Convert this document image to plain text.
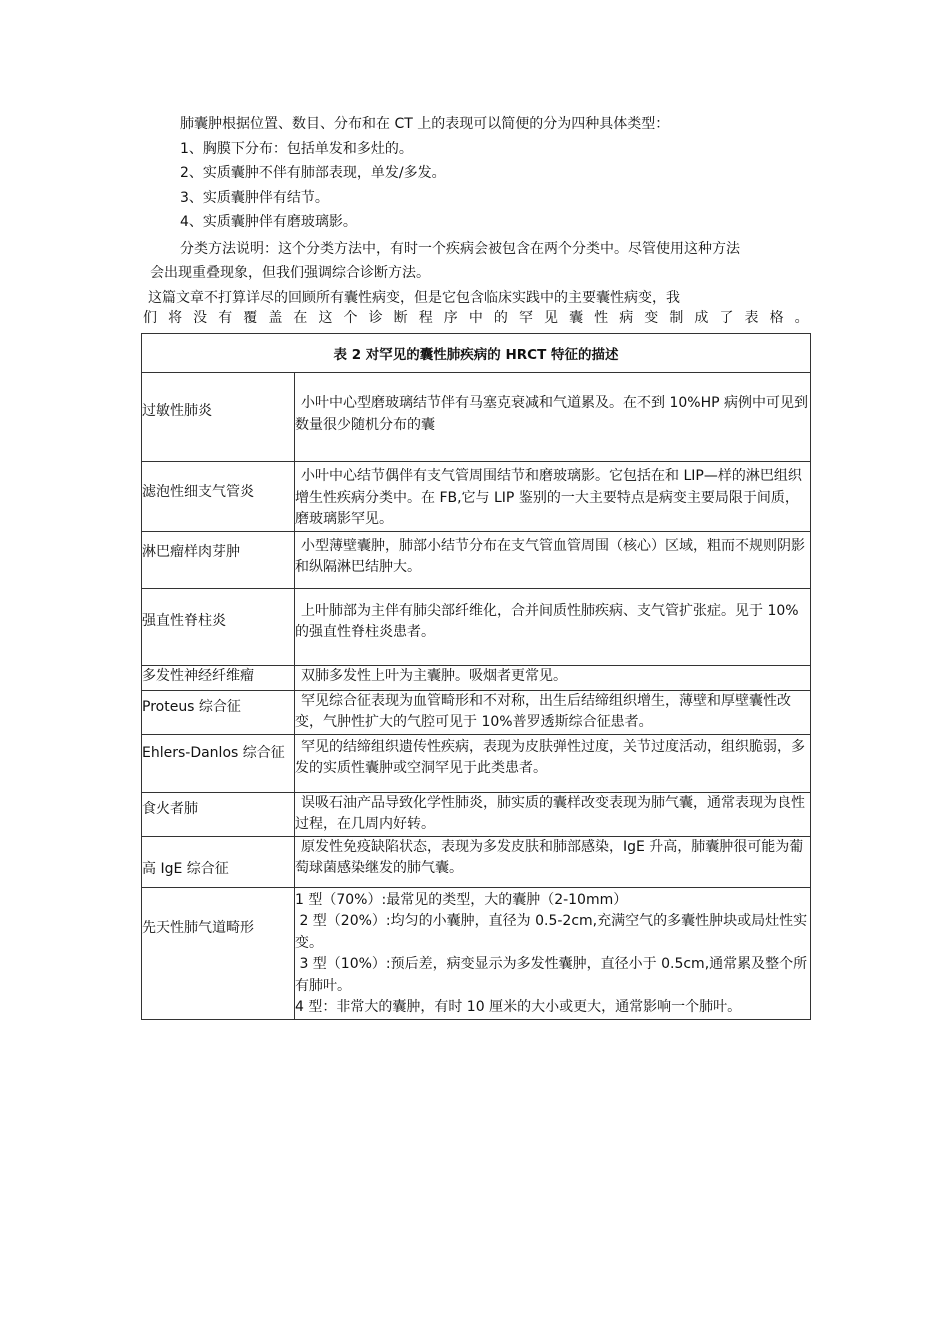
肺囊肿根据位置、数目、分布和在 CT 上的表现可以简便的分为四种具体类型：

1、胸膜下分布：包括单发和多灶的。

2、实质囊肿不伴有肺部表现，单发/多发。

3、实质囊肿伴有结节。

4、实质囊肿伴有磨玻璃影。

分类方法说明：这个分类方法中，有时一个疾病会被包含在两个分类中。尽管使用这种方法

会出现重叠现象，但我们强调综合诊断方法。

这篇文章不打算详尽的回顾所有囊性病变，但是它包含临床实践中的主要囊性病变，我

们 将 没 有 覆 盖 在 这 个 诊 断 程 序 中 的 罕 见 囊 性 病 变 制 成 了 表 格 。
表 2 对罕见的囊性肺疾病的 HRCT 特征的描述	
过敏性肺炎	小叶中心型磨玻璃结节伴有马塞克衰减和气道累及。在不到 10%HP 病例中可见到数量很少随机分布的囊

滤泡性细支气管炎	小叶中心结节偶伴有支气管周围结节和磨玻璃影。它包括在和 LIP—样的淋巴组织增生性疾病分类中。在 FB,它与 LIP 鉴别的一大主要特点是病变主要局限于间质，磨玻璃影罕见。

淋巴瘤样肉芽肿	小型薄壁囊肿，肺部小结节分布在支气管血管周围（核心）区域，粗而不规则阴影和纵隔淋巴结肿大。

强直性脊柱炎	上叶肺部为主伴有肺尖部纤维化，合并间质性肺疾病、支气管扩张症。见于 10%的强直性脊柱炎患者。

多发性神经纤维瘤	双肺多发性上叶为主囊肿。吸烟者更常见。

Proteus 综合征	罕见综合征表现为血管畸形和不对称，出生后结缔组织增生，薄壁和厚壁囊性改变，气肿性扩大的气腔可见于 10%普罗透斯综合征患者。

Ehlers-Danlos 综合征	罕见的结缔组织遗传性疾病，表现为皮肤弹性过度，关节过度活动，组织脆弱，多发的实质性囊肿或空洞罕见于此类患者。

食火者肺	误吸石油产品导致化学性肺炎，肺实质的囊样改变表现为肺气囊，通常表现为良性过程，在几周内好转。

高 IgE 综合征	原发性免疫缺陷状态，表现为多发皮肤和肺部感染，IgE 升高，肺囊肿很可能为葡萄球菌感染继发的肺气囊。

先天性肺气道畸形	1 型（70%）:最常见的类型，大的囊肿（2-10mm）
2 型（20%）:均匀的小囊肿，直径为 0.5-2cm,充满空气的多囊性肿块或局灶性实变。
3 型（10%）:预后差，病变显示为多发性囊肿，直径小于 0.5cm,通常累及整个所有肺叶。
4 型：非常大的囊肿，有时 10 厘米的大小或更大，通常影响一个肺叶。
